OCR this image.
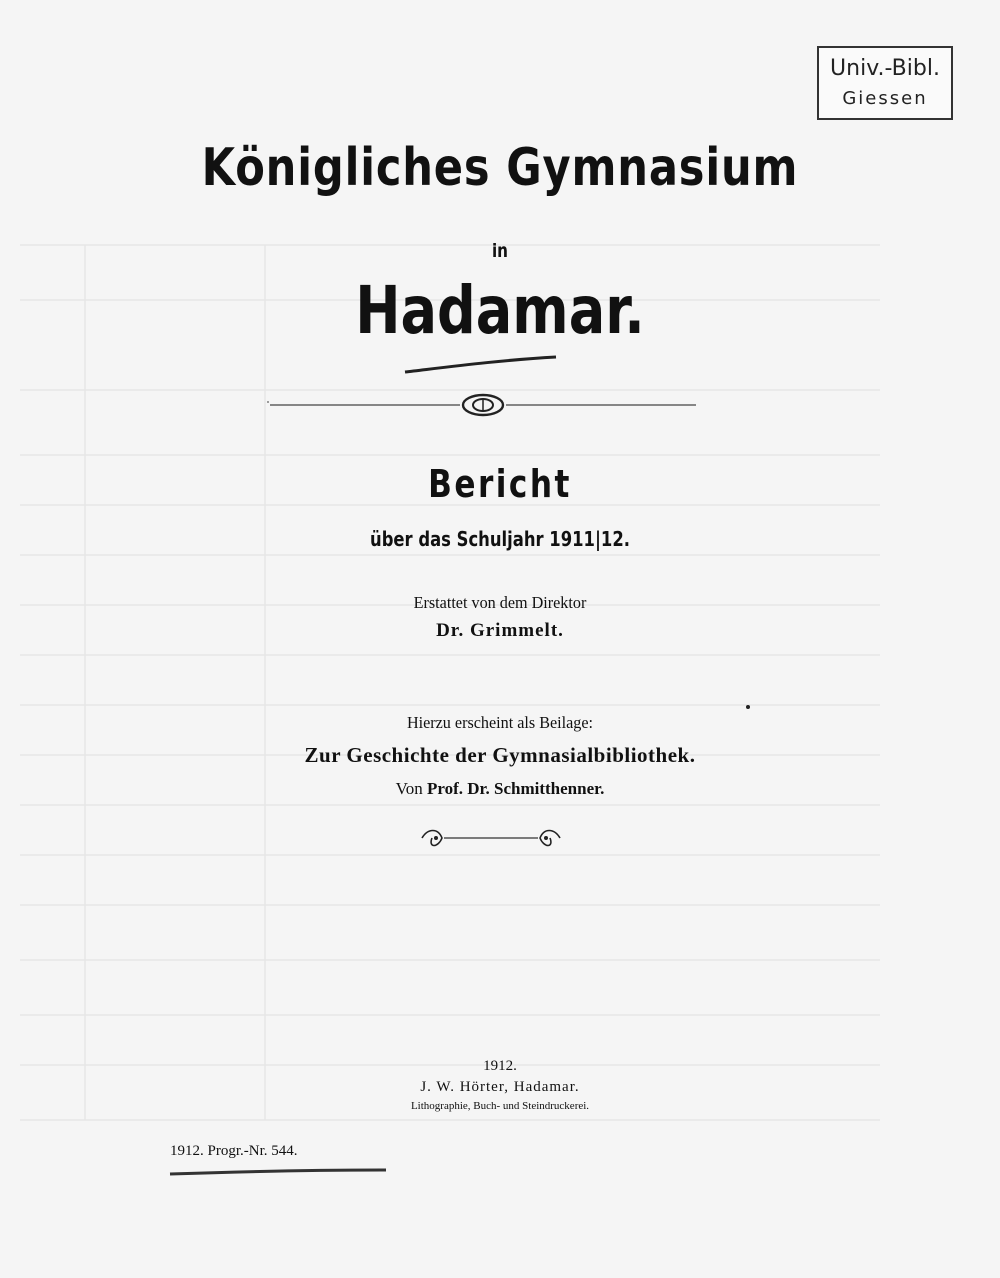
Univ.-Bibl.
Giessen
Königliches Gymnasium
in
Hadamar.
Bericht
über das Schuljahr 1911|12.
Erstattet von dem Direktor
Dr. Grimmelt.
Hierzu erscheint als Beilage:
Zur Geschichte der Gymnasialbibliothek.
Von Prof. Dr. Schmitthenner.
1912.
J. W. Hörter, Hadamar.
Lithographie, Buch- und Steindruckerei.
1912. Progr.-Nr. 544.
